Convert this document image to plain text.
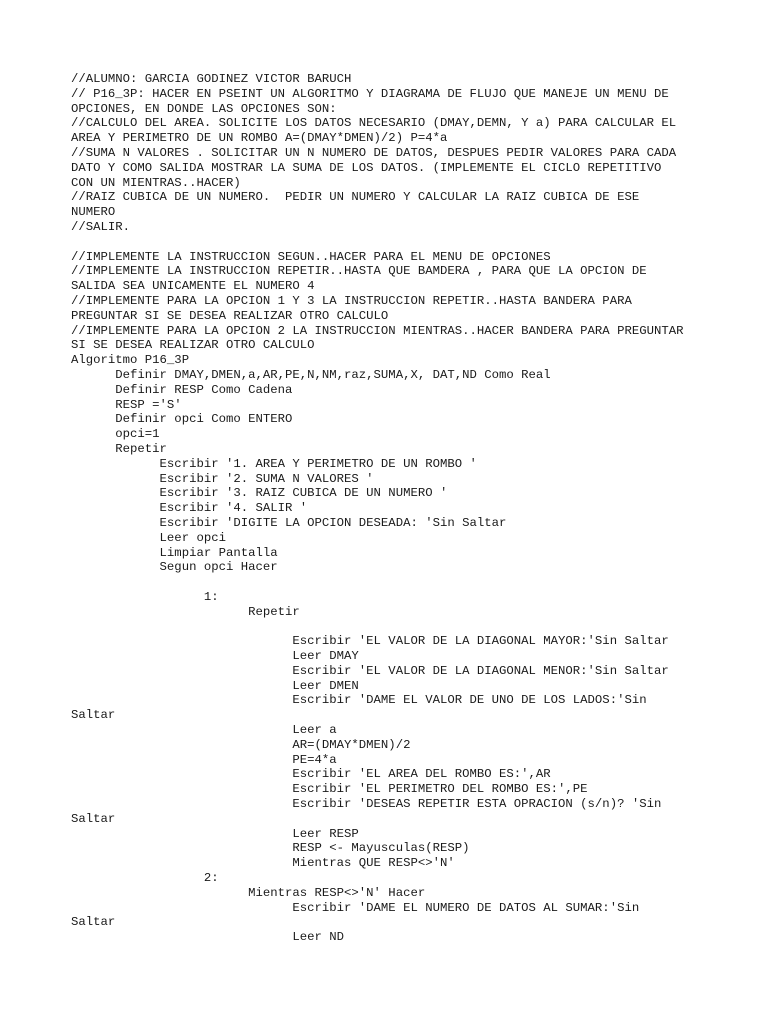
//ALUMNO: GARCIA GODINEZ VICTOR BARUCH
// P16_3P: HACER EN PSEINT UN ALGORITMO Y DIAGRAMA DE FLUJO QUE MANEJE UN MENU DE
OPCIONES, EN DONDE LAS OPCIONES SON:
//CALCULO DEL AREA. SOLICITE LOS DATOS NECESARIO (DMAY,DEMN, Y a) PARA CALCULAR EL
AREA Y PERIMETRO DE UN ROMBO A=(DMAY*DMEN)/2) P=4*a
//SUMA N VALORES . SOLICITAR UN N NUMERO DE DATOS, DESPUES PEDIR VALORES PARA CADA
DATO Y COMO SALIDA MOSTRAR LA SUMA DE LOS DATOS. (IMPLEMENTE EL CICLO REPETITIVO
CON UN MIENTRAS..HACER)
//RAIZ CUBICA DE UN NUMERO.  PEDIR UN NUMERO Y CALCULAR LA RAIZ CUBICA DE ESE
NUMERO
//SALIR.
//IMPLEMENTE LA INSTRUCCION SEGUN..HACER PARA EL MENU DE OPCIONES
//IMPLEMENTE LA INSTRUCCION REPETIR..HASTA QUE BAMDERA , PARA QUE LA OPCION DE
SALIDA SEA UNICAMENTE EL NUMERO 4
//IMPLEMENTE PARA LA OPCION 1 Y 3 LA INSTRUCCION REPETIR..HASTA BANDERA PARA
PREGUNTAR SI SE DESEA REALIZAR OTRO CALCULO
//IMPLEMENTE PARA LA OPCION 2 LA INSTRUCCION MIENTRAS..HACER BANDERA PARA PREGUNTAR
SI SE DESEA REALIZAR OTRO CALCULO
Algoritmo P16_3P
Definir DMAY,DMEN,a,AR,PE,N,NM,raz,SUMA,X, DAT,ND Como Real
Definir RESP Como Cadena
RESP ='S'
Definir opci Como ENTERO
opci=1
Repetir
Escribir '1. AREA Y PERIMETRO DE UN ROMBO '
Escribir '2. SUMA N VALORES '
Escribir '3. RAIZ CUBICA DE UN NUMERO '
Escribir '4. SALIR '
Escribir 'DIGITE LA OPCION DESEADA: 'Sin Saltar
Leer opci
Limpiar Pantalla
Segun opci Hacer
1:
Repetir
Escribir 'EL VALOR DE LA DIAGONAL MAYOR:'Sin Saltar
Leer DMAY
Escribir 'EL VALOR DE LA DIAGONAL MENOR:'Sin Saltar
Leer DMEN
Escribir 'DAME EL VALOR DE UNO DE LOS LADOS:'Sin
Saltar
Leer a
AR=(DMAY*DMEN)/2
PE=4*a
Escribir 'EL AREA DEL ROMBO ES:',AR
Escribir 'EL PERIMETRO DEL ROMBO ES:',PE
Escribir 'DESEAS REPETIR ESTA OPRACION (s/n)? 'Sin
Saltar
Leer RESP
RESP <- Mayusculas(RESP)
Mientras QUE RESP<>'N'
2:
Mientras RESP<>'N' Hacer
Escribir 'DAME EL NUMERO DE DATOS AL SUMAR:'Sin
Saltar
Leer ND
